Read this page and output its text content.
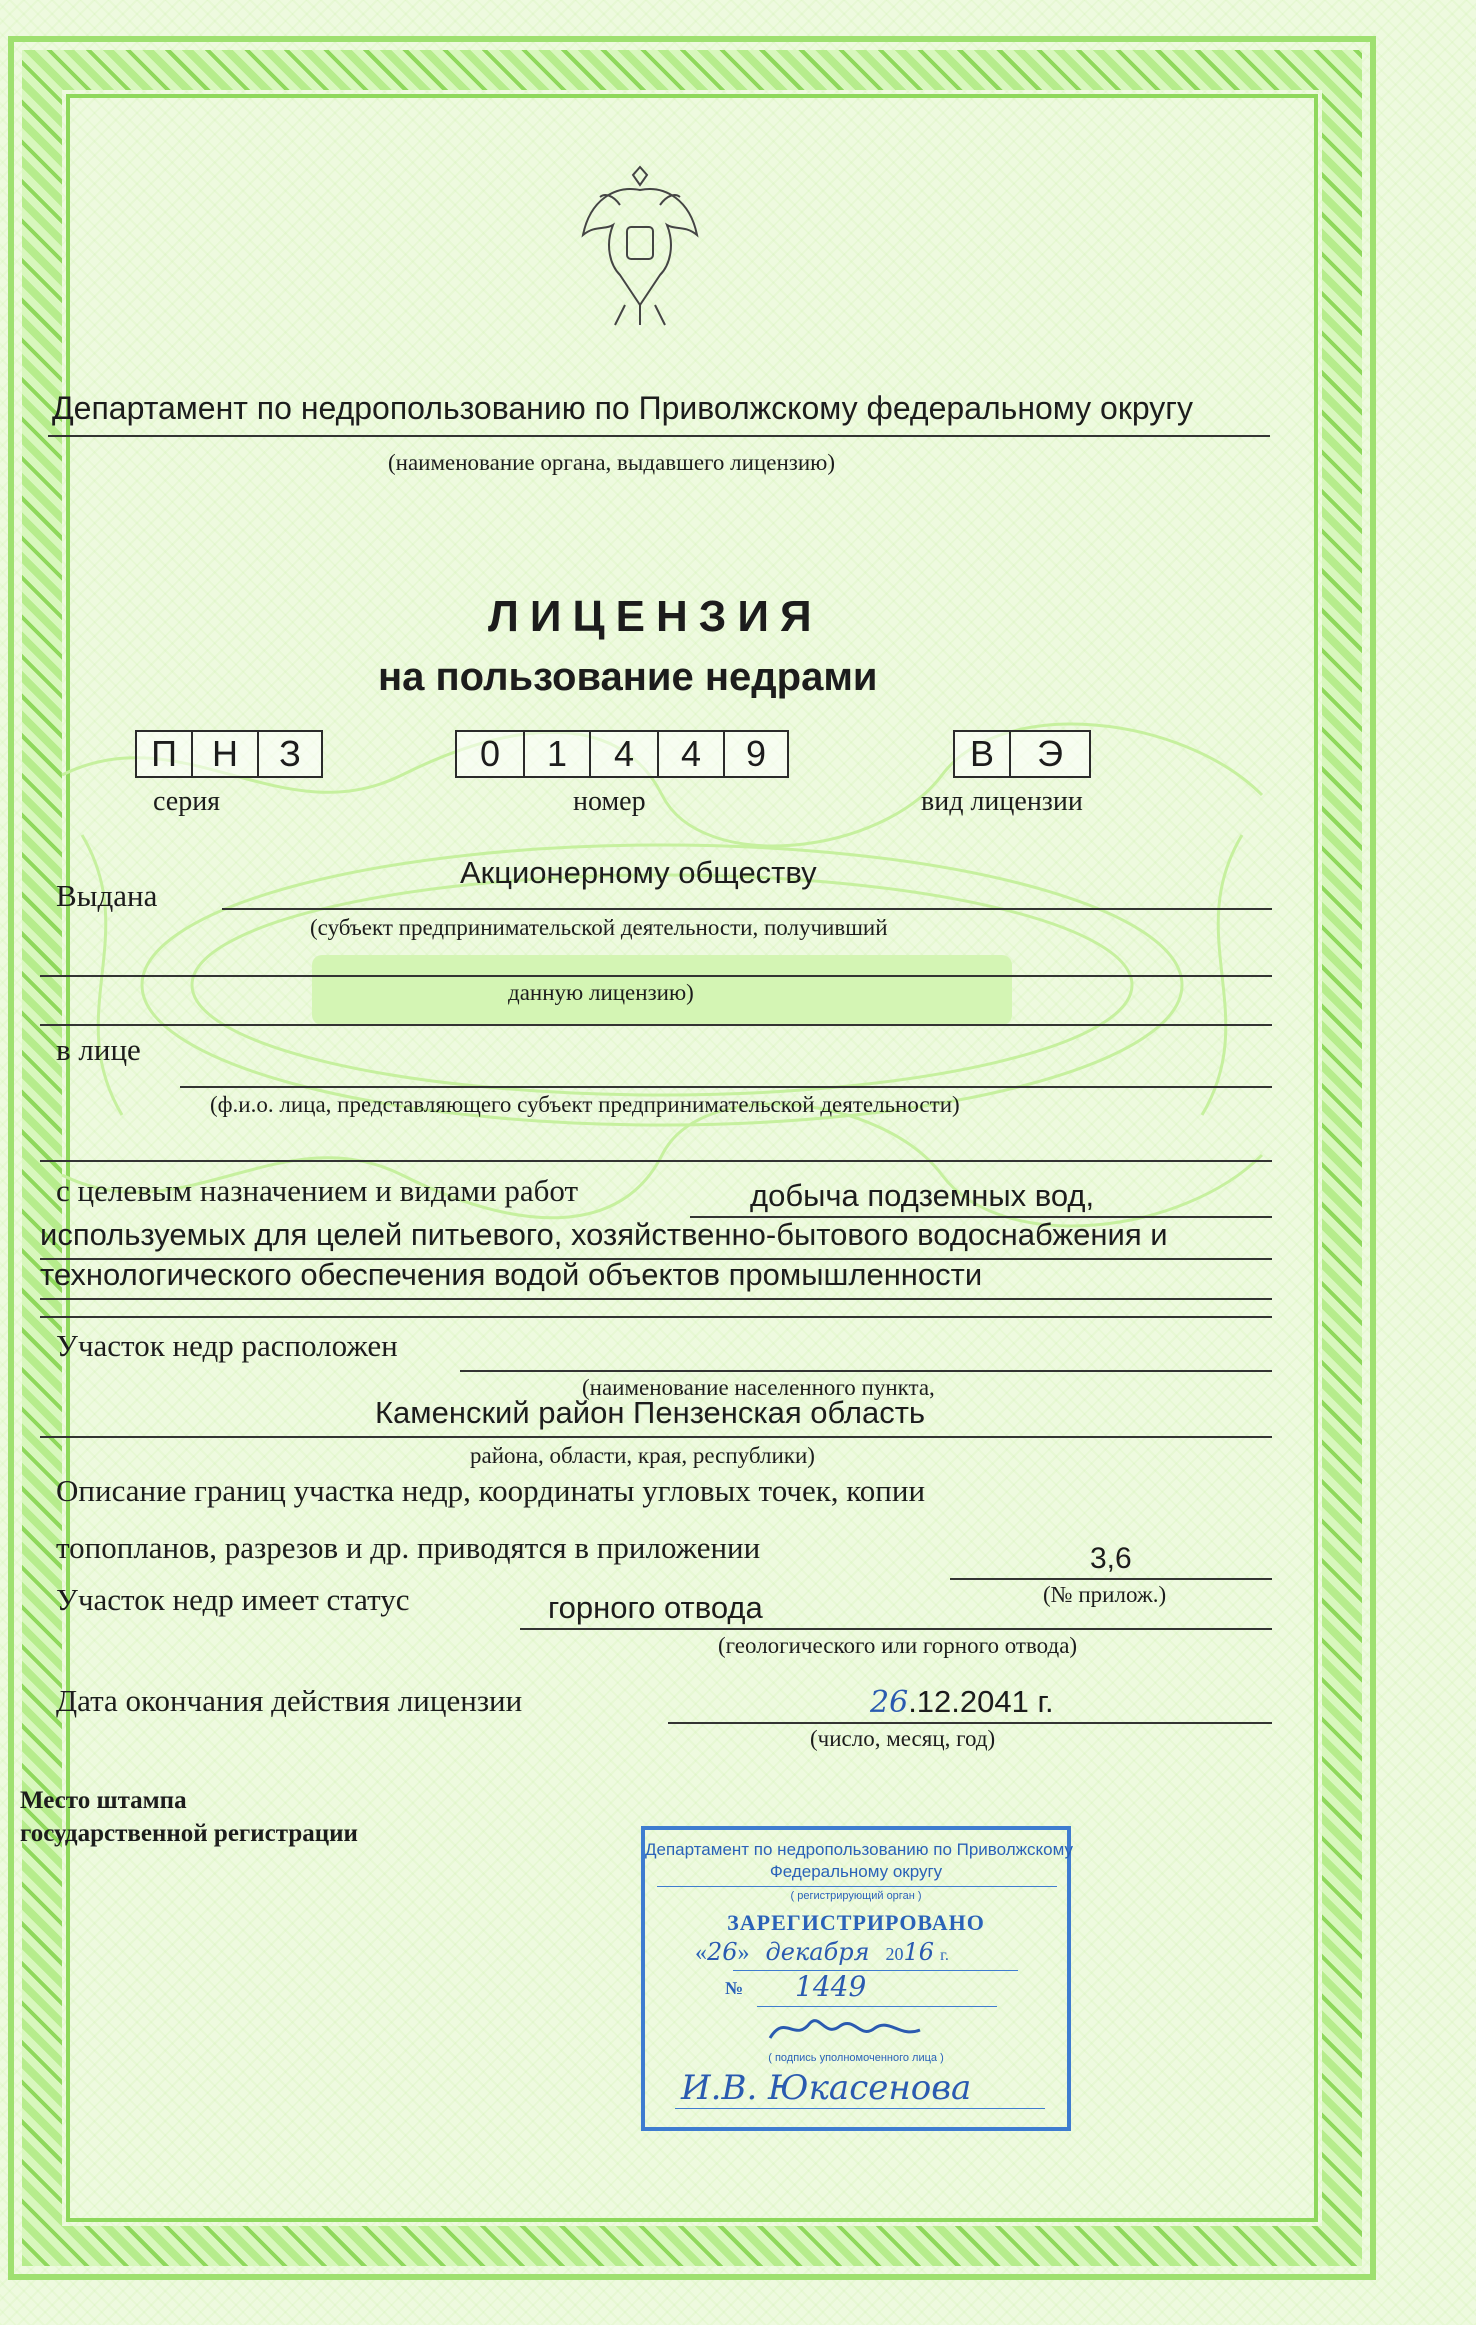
Департамент по недропользованию по Приволжскому федеральному округу
(наименование органа, выдавшего лицензию)
ЛИЦЕНЗИЯ
на пользование недрами
П Н	З
серия
0	1	4	4	9
номер
В	Э
вид лицензии
Выдана
Акционерному обществу
(субъект предпринимательской деятельности, получивший
данную лицензию)
в лице
(ф.и.о. лица, представляющего субъект предпринимательской деятельности)
с целевым назначением и видами работ	добыча подземных вод,
используемых для целей питьевого, хозяйственно-бытового водоснабжения и
технологического обеспечения водой объектов промышленности
Участок недр расположен
(наименование населенного пункта,
Каменский район Пензенская область
района, области, края, республики)
Описание границ участка недр, координаты угловых точек, копии
топопланов, разрезов и др. приводятся в приложении	3,6
(№ прилож.)
Участок недр имеет статус	горного отвода
(геологического или горного отвода)
Дата окончания действия лицензии	26.12.2041 г.
(число, месяц, год)
Место штампа
государственной регистрации
Департамент по недропользованию по Приволжскому
Федеральному округу
( регистрирующий орган )
ЗАРЕГИСТРИРОВАНО
«26» декабря 2016 г.
№ 1449
( подпись уполномоченного лица )
И.В. Юкасенова
